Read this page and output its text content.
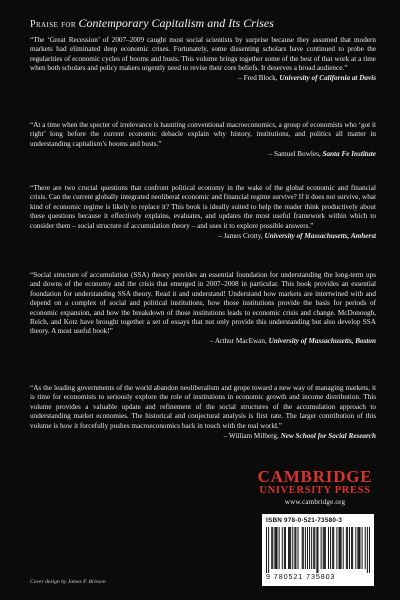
Praise for Contemporary Capitalism and Its Crises

“The ‘Great Recession’ of 2007–2009 caught most social scientists by surprise because they assumed that modern markets had eliminated deep economic crises. Fortunately, some dissenting scholars have continued to probe the regularities of economic cycles of booms and busts. This volume brings together some of the best of that work at a time when both scholars and policy makers urgently need to revise their core beliefs. It deserves a broad audience.”

– Fred Block, University of California at Davis

“At a time when the specter of irrelevance is haunting conventional macroeconomics, a group of economists who ‘got it right’ long before the current economic debacle explain why history, institutions, and politics all matter in understanding capitalism’s booms and busts.”

– Samuel Bowles, Santa Fe Institute

“There are two crucial questions that confront political economy in the wake of the global economic and financial crisis. Can the current globally integrated neoliberal economic and financial regime survive? If it does not survive, what kind of economic regime is likely to replace it? This book is ideally suited to help the reader think productively about these questions because it effectively explains, evaluates, and updates the most useful framework within which to consider them – social structure of accumulation theory – and uses it to explore possible answers.”

– James Crotty, University of Massachusetts, Amherst

“Social structure of accumulation (SSA) theory provides an essential foundation for understanding the long-term ups and downs of the economy and the crisis that emerged in 2007–2008 in particular. This book provides an essential foundation for understanding SSA theory. Read it and understand! Understand how markets are intertwined with and depend on a complex of social and political institutions, how those institutions provide the basis for periods of economic expansion, and how the breakdown of those institutions leads to economic crisis and change. McDonough, Reich, and Kotz have brought together a set of essays that not only provide this understanding but also develop SSA theory. A most useful book!”

– Arthur MacEwan, University of Massachusetts, Boston

“As the leading governments of the world abandon neoliberalism and grope toward a new way of managing markets, it is time for economists to seriously explore the role of institutions in economic growth and income distribution. This volume provides a valuable update and refinement of the social structures of the accumulation approach to understanding market economies. The historical and conjectural analysis is first rate. The larger contribution of this volume is how it forcefully pushes macroeconomics back in touch with the real world.”

– William Milberg, New School for Social Research
CAMBRIDGE
UNIVERSITY PRESS
www.cambridge.org
ISBN 978-0-521-73580-3
9 780521 735803
Cover design by James F. Brisson
